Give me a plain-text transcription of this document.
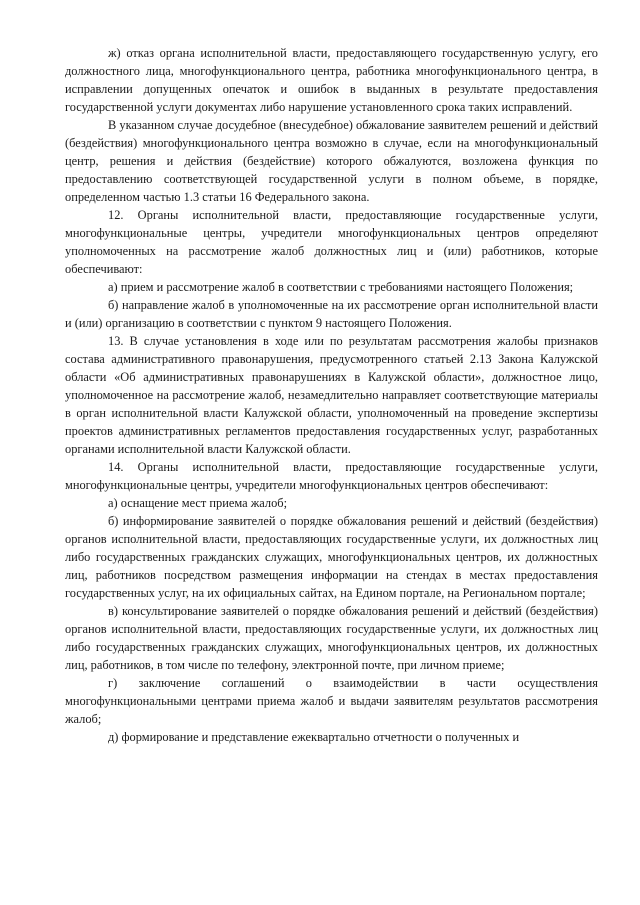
ж) отказ органа исполнительной власти, предоставляющего государственную услугу, его должностного лица, многофункционального центра, работника многофункционального центра, в исправлении допущенных опечаток и ошибок в выданных в результате предоставления государственной услуги документах либо нарушение установленного срока таких исправлений.

В указанном случае досудебное (внесудебное) обжалование заявителем решений и действий (бездействия) многофункционального центра возможно в случае, если на многофункциональный центр, решения и действия (бездействие) которого обжалуются, возложена функция по предоставлению соответствующей государственной услуги в полном объеме, в порядке, определенном частью 1.3 статьи 16 Федерального закона.

12. Органы исполнительной власти, предоставляющие государственные услуги, многофункциональные центры, учредители многофункциональных центров определяют уполномоченных на рассмотрение жалоб должностных лиц и (или) работников, которые обеспечивают:

а) прием и рассмотрение жалоб в соответствии с требованиями настоящего Положения;

б) направление жалоб в уполномоченные на их рассмотрение орган исполнительной власти и (или) организацию в соответствии с пунктом 9 настоящего Положения.

13. В случае установления в ходе или по результатам рассмотрения жалобы признаков состава административного правонарушения, предусмотренного статьей 2.13 Закона Калужской области «Об административных правонарушениях в Калужской области», должностное лицо, уполномоченное на рассмотрение жалоб, незамедлительно направляет соответствующие материалы в орган исполнительной власти Калужской области, уполномоченный на проведение экспертизы проектов административных регламентов предоставления государственных услуг, разработанных органами исполнительной власти Калужской области.

14. Органы исполнительной власти, предоставляющие государственные услуги, многофункциональные центры, учредители многофункциональных центров обеспечивают:

а) оснащение мест приема жалоб;

б) информирование заявителей о порядке обжалования решений и действий (бездействия) органов исполнительной власти, предоставляющих государственные услуги, их должностных лиц либо государственных гражданских служащих, многофункциональных центров, их должностных лиц, работников посредством размещения информации на стендах в местах предоставления государственных услуг, на их официальных сайтах, на Едином портале, на Региональном портале;

в) консультирование заявителей о порядке обжалования решений и действий (бездействия) органов исполнительной власти, предоставляющих государственные услуги, их должностных лиц либо государственных гражданских служащих, многофункциональных центров, их должностных лиц, работников, в том числе по телефону, электронной почте, при личном приеме;

г) заключение соглашений о взаимодействии в части осуществления многофункциональными центрами приема жалоб и выдачи заявителям результатов рассмотрения жалоб;

д) формирование и представление ежеквартально отчетности о полученных и
